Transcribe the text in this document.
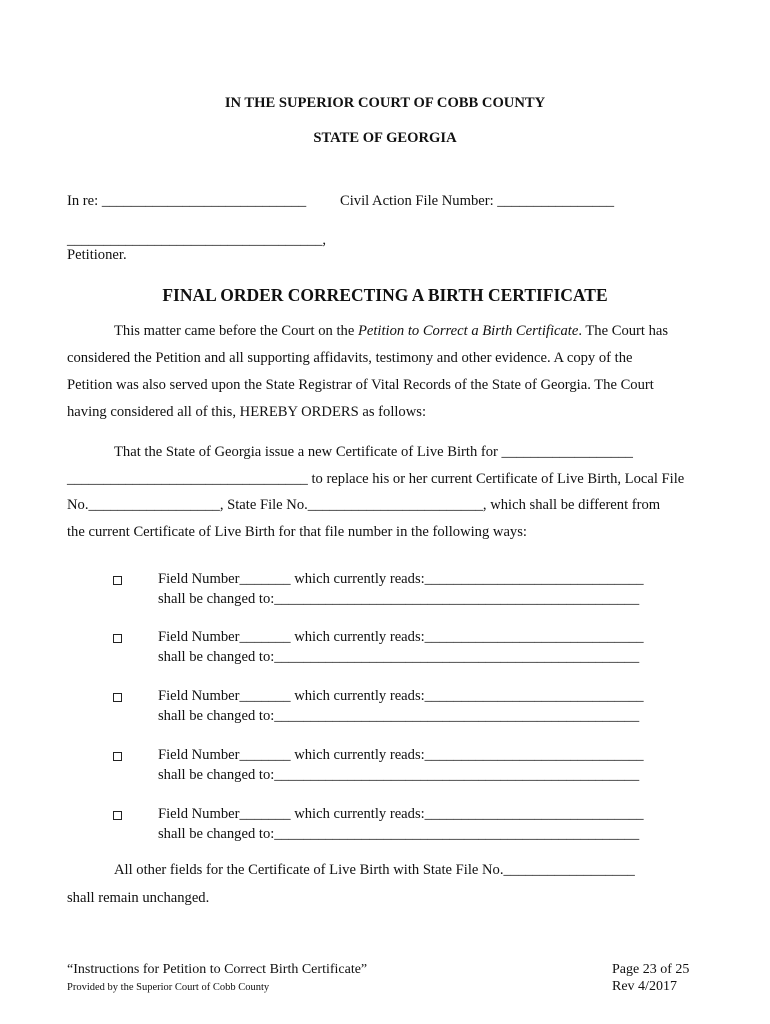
IN THE SUPERIOR COURT OF COBB COUNTY
STATE OF GEORGIA
In re: ____________________________ Civil Action File Number: ________________
___________________________________,
Petitioner.
FINAL ORDER CORRECTING A BIRTH CERTIFICATE
This matter came before the Court on the Petition to Correct a Birth Certificate. The Court has
considered the Petition and all supporting affidavits, testimony and other evidence. A copy of the
Petition was also served upon the State Registrar of Vital Records of the State of Georgia. The Court
having considered all of this, HEREBY ORDERS as follows:
That the State of Georgia issue a new Certificate of Live Birth for __________________
_________________________________ to replace his or her current Certificate of Live Birth, Local File
No.__________________, State File No.________________________, which shall be different from
the current Certificate of Live Birth for that file number in the following ways:
Field Number_______ which currently reads:______________________________
shall be changed to:__________________________________________________
Field Number_______ which currently reads:______________________________
shall be changed to:__________________________________________________
Field Number_______ which currently reads:______________________________
shall be changed to:__________________________________________________
Field Number_______ which currently reads:______________________________
shall be changed to:__________________________________________________
Field Number_______ which currently reads:______________________________
shall be changed to:__________________________________________________
All other fields for the Certificate of Live Birth with State File No.__________________
shall remain unchanged.
“Instructions for Petition to Correct Birth Certificate”
Provided by the Superior Court of Cobb County
Page 23 of 25
Rev 4/2017
